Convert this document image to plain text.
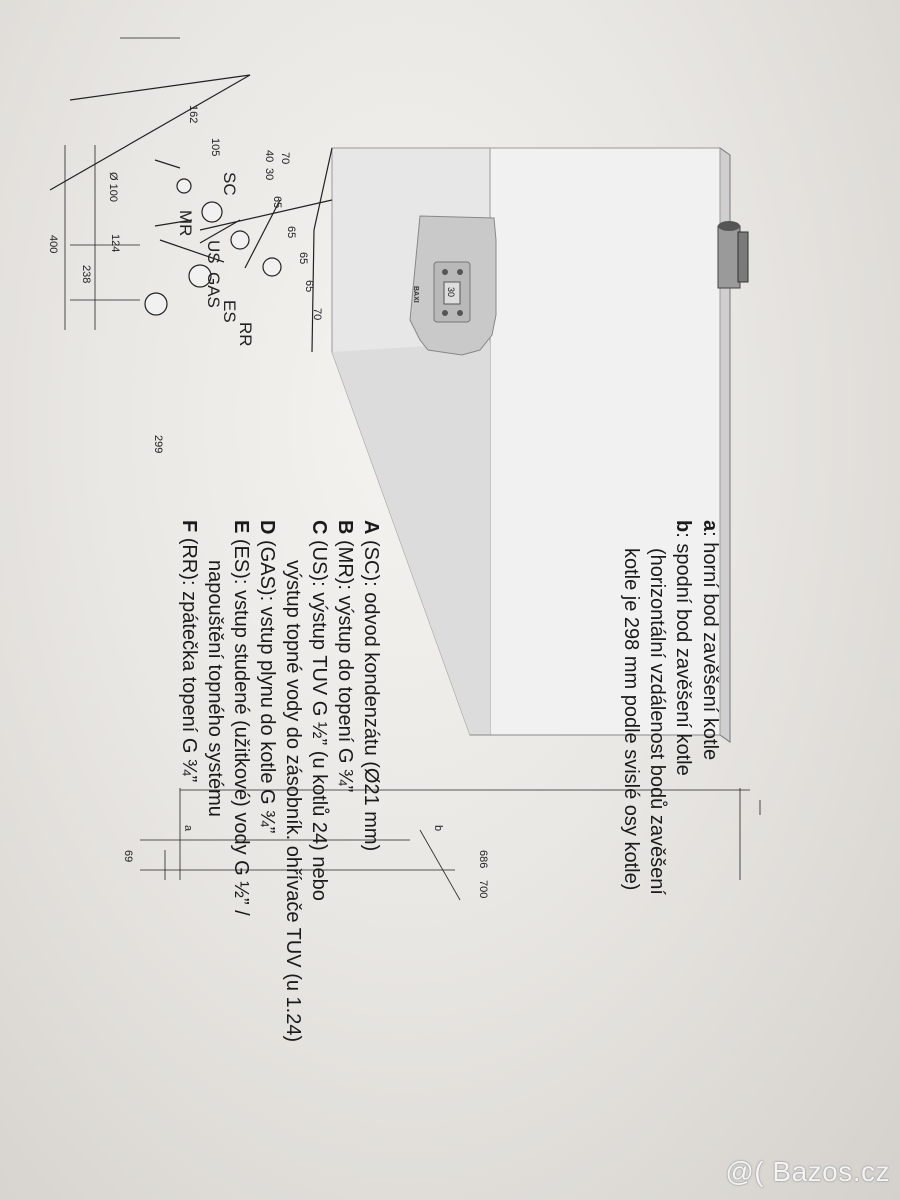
30
BAXI
700
686
69
a	b
400
238
124
Ø 100
299
162
105
70
40
30
65
65
65
65
70
SC
MR
US
GAS
ES
RR
a: horní bod zavěšení kotle
b: spodní bod zavěšení kotle
(horizontální vzdálenost bodů zavěšení
kotle je 298 mm podle svislé osy kotle)
A (SC): odvod kondenzátu (Ø21 mm)
B (MR): výstup do topení G ¾”
C (US): výstup TUV G ½” (u kotlů 24) nebo
výstup topné vody do zásobník. ohřívače TUV (u 1.24)
D (GAS): vstup plynu do kotle G ¾”
E (ES): vstup studené (užitkové) vody G ½” /
napouštění topného systému
F (RR): zpátečka topení G ¾”
@( Bazos.cz
